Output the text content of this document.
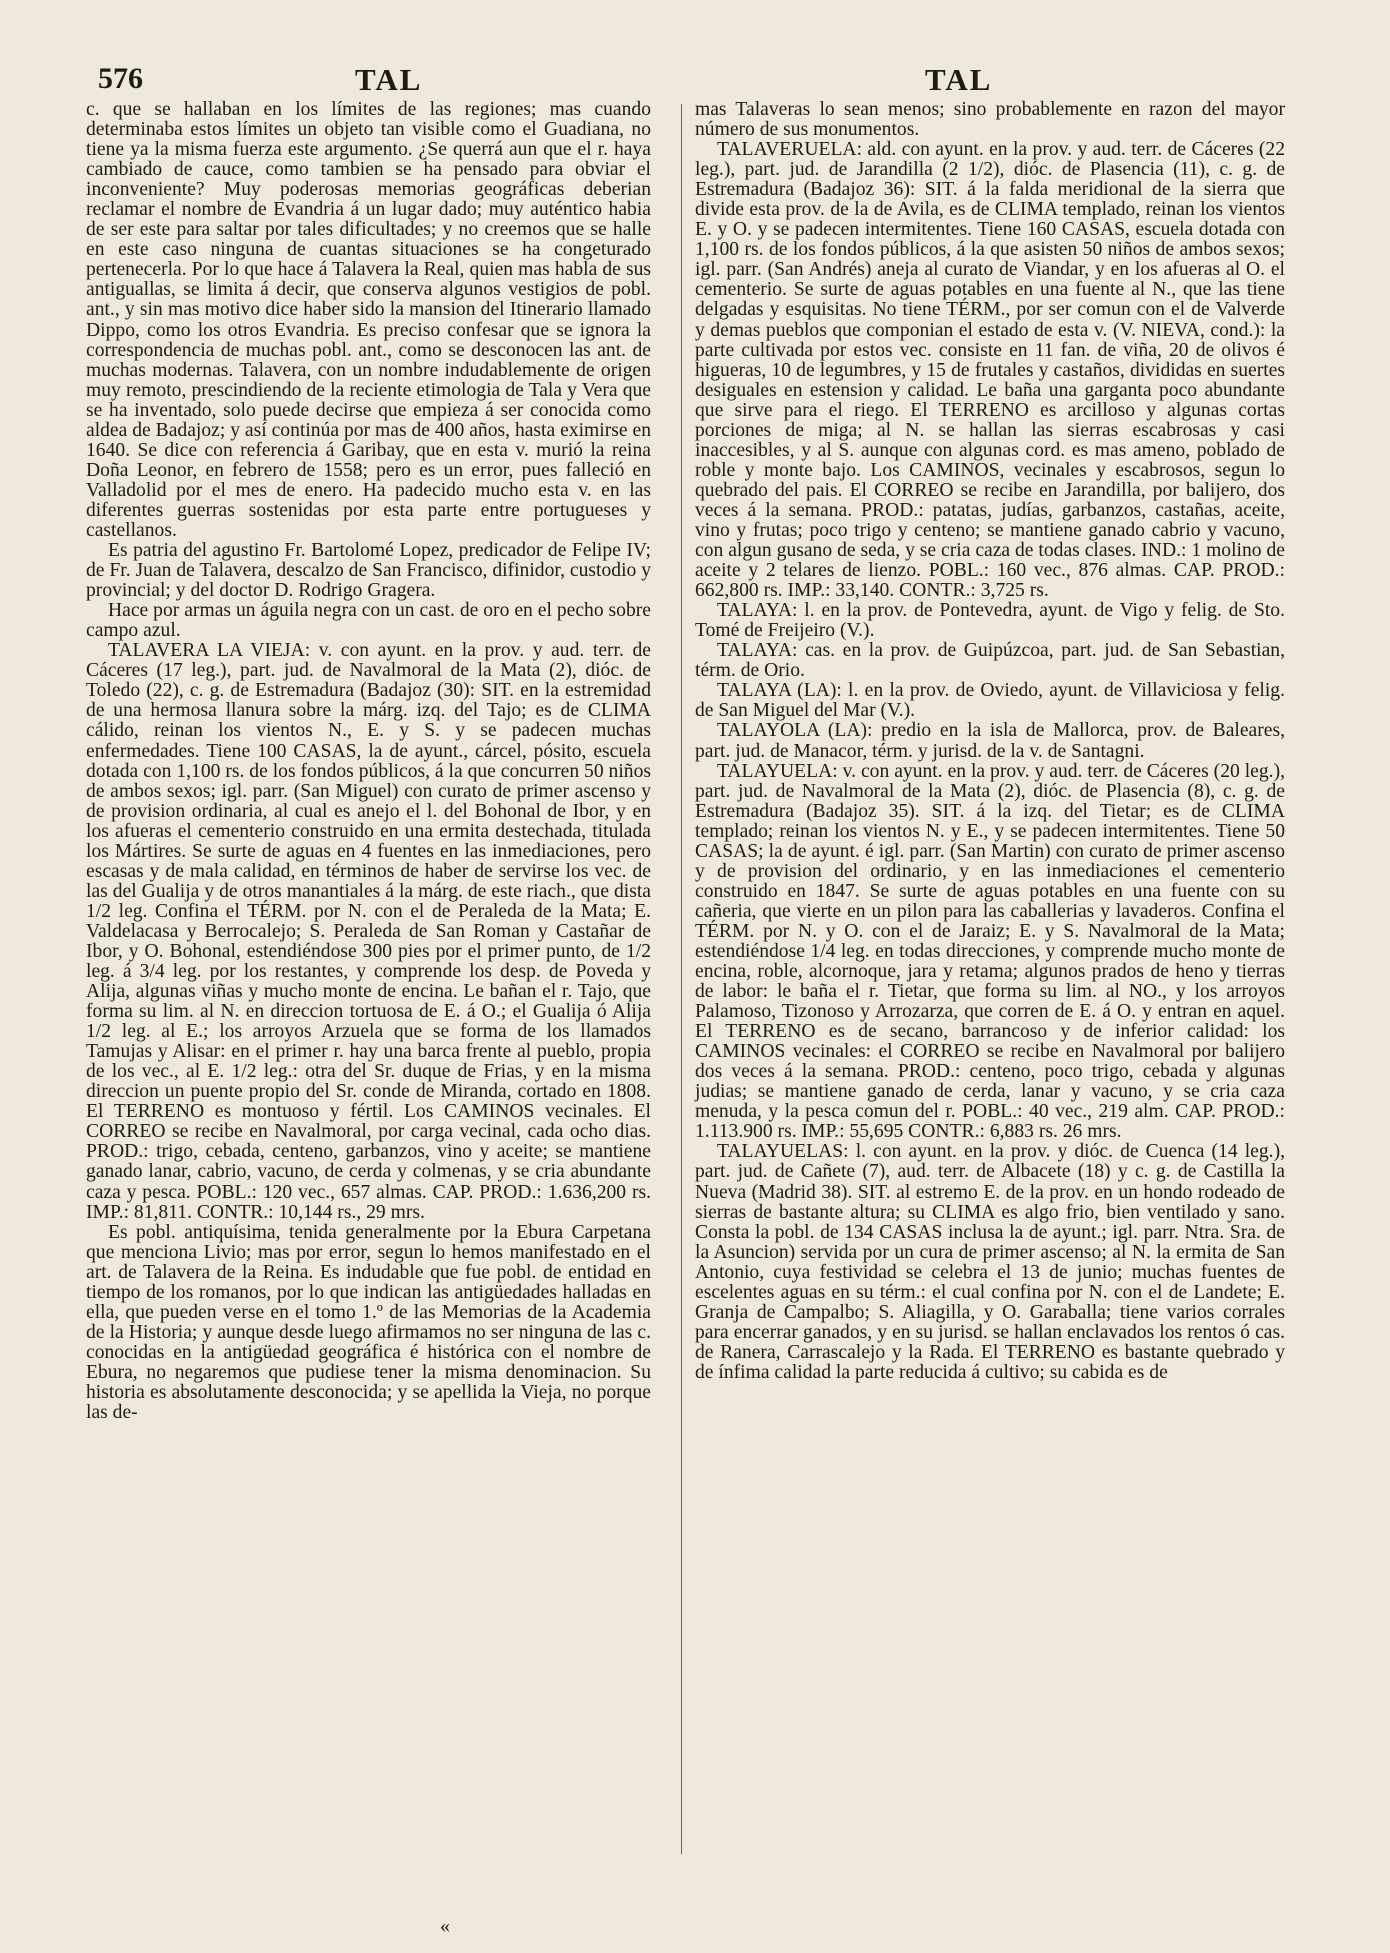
576	TAL	TAL

c. que se hallaban en los límites de las regiones; mas cuando determinaba estos límites un objeto tan visible como el Guadiana, no tiene ya la misma fuerza este argumento. ¿Se querrá aun que el r. haya cambiado de cauce, como tambien se ha pensado para obviar el inconveniente? Muy poderosas memorias geográficas deberian reclamar el nombre de Evandria á un lugar dado; muy auténtico habia de ser este para saltar por tales dificultades; y no creemos que se halle en este caso ninguna de cuantas situaciones se ha congeturado pertenecerla. Por lo que hace á Talavera la Real, quien mas habla de sus antiguallas, se limita á decir, que conserva algunos vestigios de pobl. ant., y sin mas motivo dice haber sido la mansion del Itinerario llamado Dippo, como los otros Evandria. Es preciso confesar que se ignora la correspondencia de muchas pobl. ant., como se desconocen las ant. de muchas modernas. Talavera, con un nombre indudablemente de origen muy remoto, prescindiendo de la reciente etimologia de Tala y Vera que se ha inventado, solo puede decirse que empieza á ser conocida como aldea de Badajoz; y así continúa por mas de 400 años, hasta eximirse en 1640. Se dice con referencia á Garibay, que en esta v. murió la reina Doña Leonor, en febrero de 1558; pero es un error, pues falleció en Valladolid por el mes de enero. Ha padecido mucho esta v. en las diferentes guerras sostenidas por esta parte entre portugueses y castellanos.

Es patria del agustino Fr. Bartolomé Lopez, predicador de Felipe IV; de Fr. Juan de Talavera, descalzo de San Francisco, difinidor, custodio y provincial; y del doctor D. Rodrigo Gragera.

Hace por armas un águila negra con un cast. de oro en el pecho sobre campo azul.

TALAVERA LA VIEJA: v. con ayunt. en la prov. y aud. terr. de Cáceres (17 leg.), part. jud. de Navalmoral de la Mata (2), dióc. de Toledo (22), c. g. de Estremadura (Badajoz (30): SIT. en la estremidad de una hermosa llanura sobre la márg. izq. del Tajo; es de CLIMA cálido, reinan los vientos N., E. y S. y se padecen muchas enfermedades. Tiene 100 CASAS, la de ayunt., cárcel, pósito, escuela dotada con 1,100 rs. de los fondos públicos, á la que concurren 50 niños de ambos sexos; igl. parr. (San Miguel) con curato de primer ascenso y de provision ordinaria, al cual es anejo el l. del Bohonal de Ibor, y en los afueras el cementerio construido en una ermita destechada, titulada los Mártires. Se surte de aguas en 4 fuentes en las inmediaciones, pero escasas y de mala calidad, en términos de haber de servirse los vec. de las del Gualija y de otros manantiales á la márg. de este riach., que dista 1/2 leg. Confina el TÉRM. por N. con el de Peraleda de la Mata; E. Valdelacasa y Berrocalejo; S. Peraleda de San Roman y Castañar de Ibor, y O. Bohonal, estendiéndose 300 pies por el primer punto, de 1/2 leg. á 3/4 leg. por los restantes, y comprende los desp. de Poveda y Alija, algunas viñas y mucho monte de encina. Le bañan el r. Tajo, que forma su lim. al N. en direccion tortuosa de E. á O.; el Gualija ó Alija 1/2 leg. al E.; los arroyos Arzuela que se forma de los llamados Tamujas y Alisar: en el primer r. hay una barca frente al pueblo, propia de los vec., al E. 1/2 leg.: otra del Sr. duque de Frias, y en la misma direccion un puente propio del Sr. conde de Miranda, cortado en 1808. El TERRENO es montuoso y fértil. Los CAMINOS vecinales. El CORREO se recibe en Navalmoral, por carga vecinal, cada ocho dias. PROD.: trigo, cebada, centeno, garbanzos, vino y aceite; se mantiene ganado lanar, cabrio, vacuno, de cerda y colmenas, y se cria abundante caza y pesca. POBL.: 120 vec., 657 almas. CAP. PROD.: 1.636,200 rs. IMP.: 81,811. CONTR.: 10,144 rs., 29 mrs.

Es pobl. antiquísima, tenida generalmente por la Ebura Carpetana que menciona Livio; mas por error, segun lo hemos manifestado en el art. de Talavera de la Reina. Es indudable que fue pobl. de entidad en tiempo de los romanos, por lo que indican las antigüedades halladas en ella, que pueden verse en el tomo 1.º de las Memorias de la Academia de la Historia; y aunque desde luego afirmamos no ser ninguna de las c. conocidas en la antigüedad geográfica é histórica con el nombre de Ebura, no negaremos que pudiese tener la misma denominacion. Su historia es absolutamente desconocida; y se apellida la Vieja, no porque las de-

mas Talaveras lo sean menos; sino probablemente en razon del mayor número de sus monumentos.

TALAVERUELA: ald. con ayunt. en la prov. y aud. terr. de Cáceres (22 leg.), part. jud. de Jarandilla (2 1/2), dióc. de Plasencia (11), c. g. de Estremadura (Badajoz 36): SIT. á la falda meridional de la sierra que divide esta prov. de la de Avila, es de CLIMA templado, reinan los vientos E. y O. y se padecen intermitentes. Tiene 160 CASAS, escuela dotada con 1,100 rs. de los fondos públicos, á la que asisten 50 niños de ambos sexos; igl. parr. (San Andrés) aneja al curato de Viandar, y en los afueras al O. el cementerio. Se surte de aguas potables en una fuente al N., que las tiene delgadas y esquisitas. No tiene TÉRM., por ser comun con el de Valverde y demas pueblos que componian el estado de esta v. (V. NIEVA, cond.): la parte cultivada por estos vec. consiste en 11 fan. de viña, 20 de olivos é higueras, 10 de legumbres, y 15 de frutales y castaños, divididas en suertes desiguales en estension y calidad. Le baña una garganta poco abundante que sirve para el riego. El TERRENO es arcilloso y algunas cortas porciones de miga; al N. se hallan las sierras escabrosas y casi inaccesibles, y al S. aunque con algunas cord. es mas ameno, poblado de roble y monte bajo. Los CAMINOS, vecinales y escabrosos, segun lo quebrado del pais. El CORREO se recibe en Jarandilla, por balijero, dos veces á la semana. PROD.: patatas, judías, garbanzos, castañas, aceite, vino y frutas; poco trigo y centeno; se mantiene ganado cabrio y vacuno, con algun gusano de seda, y se cria caza de todas clases. IND.: 1 molino de aceite y 2 telares de lienzo. POBL.: 160 vec., 876 almas. CAP. PROD.: 662,800 rs. IMP.: 33,140. CONTR.: 3,725 rs.

TALAYA: l. en la prov. de Pontevedra, ayunt. de Vigo y felig. de Sto. Tomé de Freijeiro (V.).

TALAYA: cas. en la prov. de Guipúzcoa, part. jud. de San Sebastian, térm. de Orio.

TALAYA (LA): l. en la prov. de Oviedo, ayunt. de Villaviciosa y felig. de San Miguel del Mar (V.).

TALAYOLA (LA): predio en la isla de Mallorca, prov. de Baleares, part. jud. de Manacor, térm. y jurisd. de la v. de Santagni.

TALAYUELA: v. con ayunt. en la prov. y aud. terr. de Cáceres (20 leg.), part. jud. de Navalmoral de la Mata (2), dióc. de Plasencia (8), c. g. de Estremadura (Badajoz 35). SIT. á la izq. del Tietar; es de CLIMA templado; reinan los vientos N. y E., y se padecen intermitentes. Tiene 50 CASAS; la de ayunt. é igl. parr. (San Martin) con curato de primer ascenso y de provision del ordinario, y en las inmediaciones el cementerio construido en 1847. Se surte de aguas potables en una fuente con su cañeria, que vierte en un pilon para las caballerias y lavaderos. Confina el TÉRM. por N. y O. con el de Jaraiz; E. y S. Navalmoral de la Mata; estendiéndose 1/4 leg. en todas direcciones, y comprende mucho monte de encina, roble, alcornoque, jara y retama; algunos prados de heno y tierras de labor: le baña el r. Tietar, que forma su lim. al NO., y los arroyos Palamoso, Tizonoso y Arrozarza, que corren de E. á O. y entran en aquel. El TERRENO es de secano, barrancoso y de inferior calidad: los CAMINOS vecinales: el CORREO se recibe en Navalmoral por balijero dos veces á la semana. PROD.: centeno, poco trigo, cebada y algunas judias; se mantiene ganado de cerda, lanar y vacuno, y se cria caza menuda, y la pesca comun del r. POBL.: 40 vec., 219 alm. CAP. PROD.: 1.113.900 rs. IMP.: 55,695 CONTR.: 6,883 rs. 26 mrs.

TALAYUELAS: l. con ayunt. en la prov. y dióc. de Cuenca (14 leg.), part. jud. de Cañete (7), aud. terr. de Albacete (18) y c. g. de Castilla la Nueva (Madrid 38). SIT. al estremo E. de la prov. en un hondo rodeado de sierras de bastante altura; su CLIMA es algo frio, bien ventilado y sano. Consta la pobl. de 134 CASAS inclusa la de ayunt.; igl. parr. Ntra. Sra. de la Asuncion) servida por un cura de primer ascenso; al N. la ermita de San Antonio, cuya festividad se celebra el 13 de junio; muchas fuentes de escelentes aguas en su térm.: el cual confina por N. con el de Landete; E. Granja de Campalbo; S. Aliagilla, y O. Garaballa; tiene varios corrales para encerrar ganados, y en su jurisd. se hallan enclavados los rentos ó cas. de Ranera, Carrascalejo y la Rada. El TERRENO es bastante quebrado y de ínfima calidad la parte reducida á cultivo; su cabida es de

«
